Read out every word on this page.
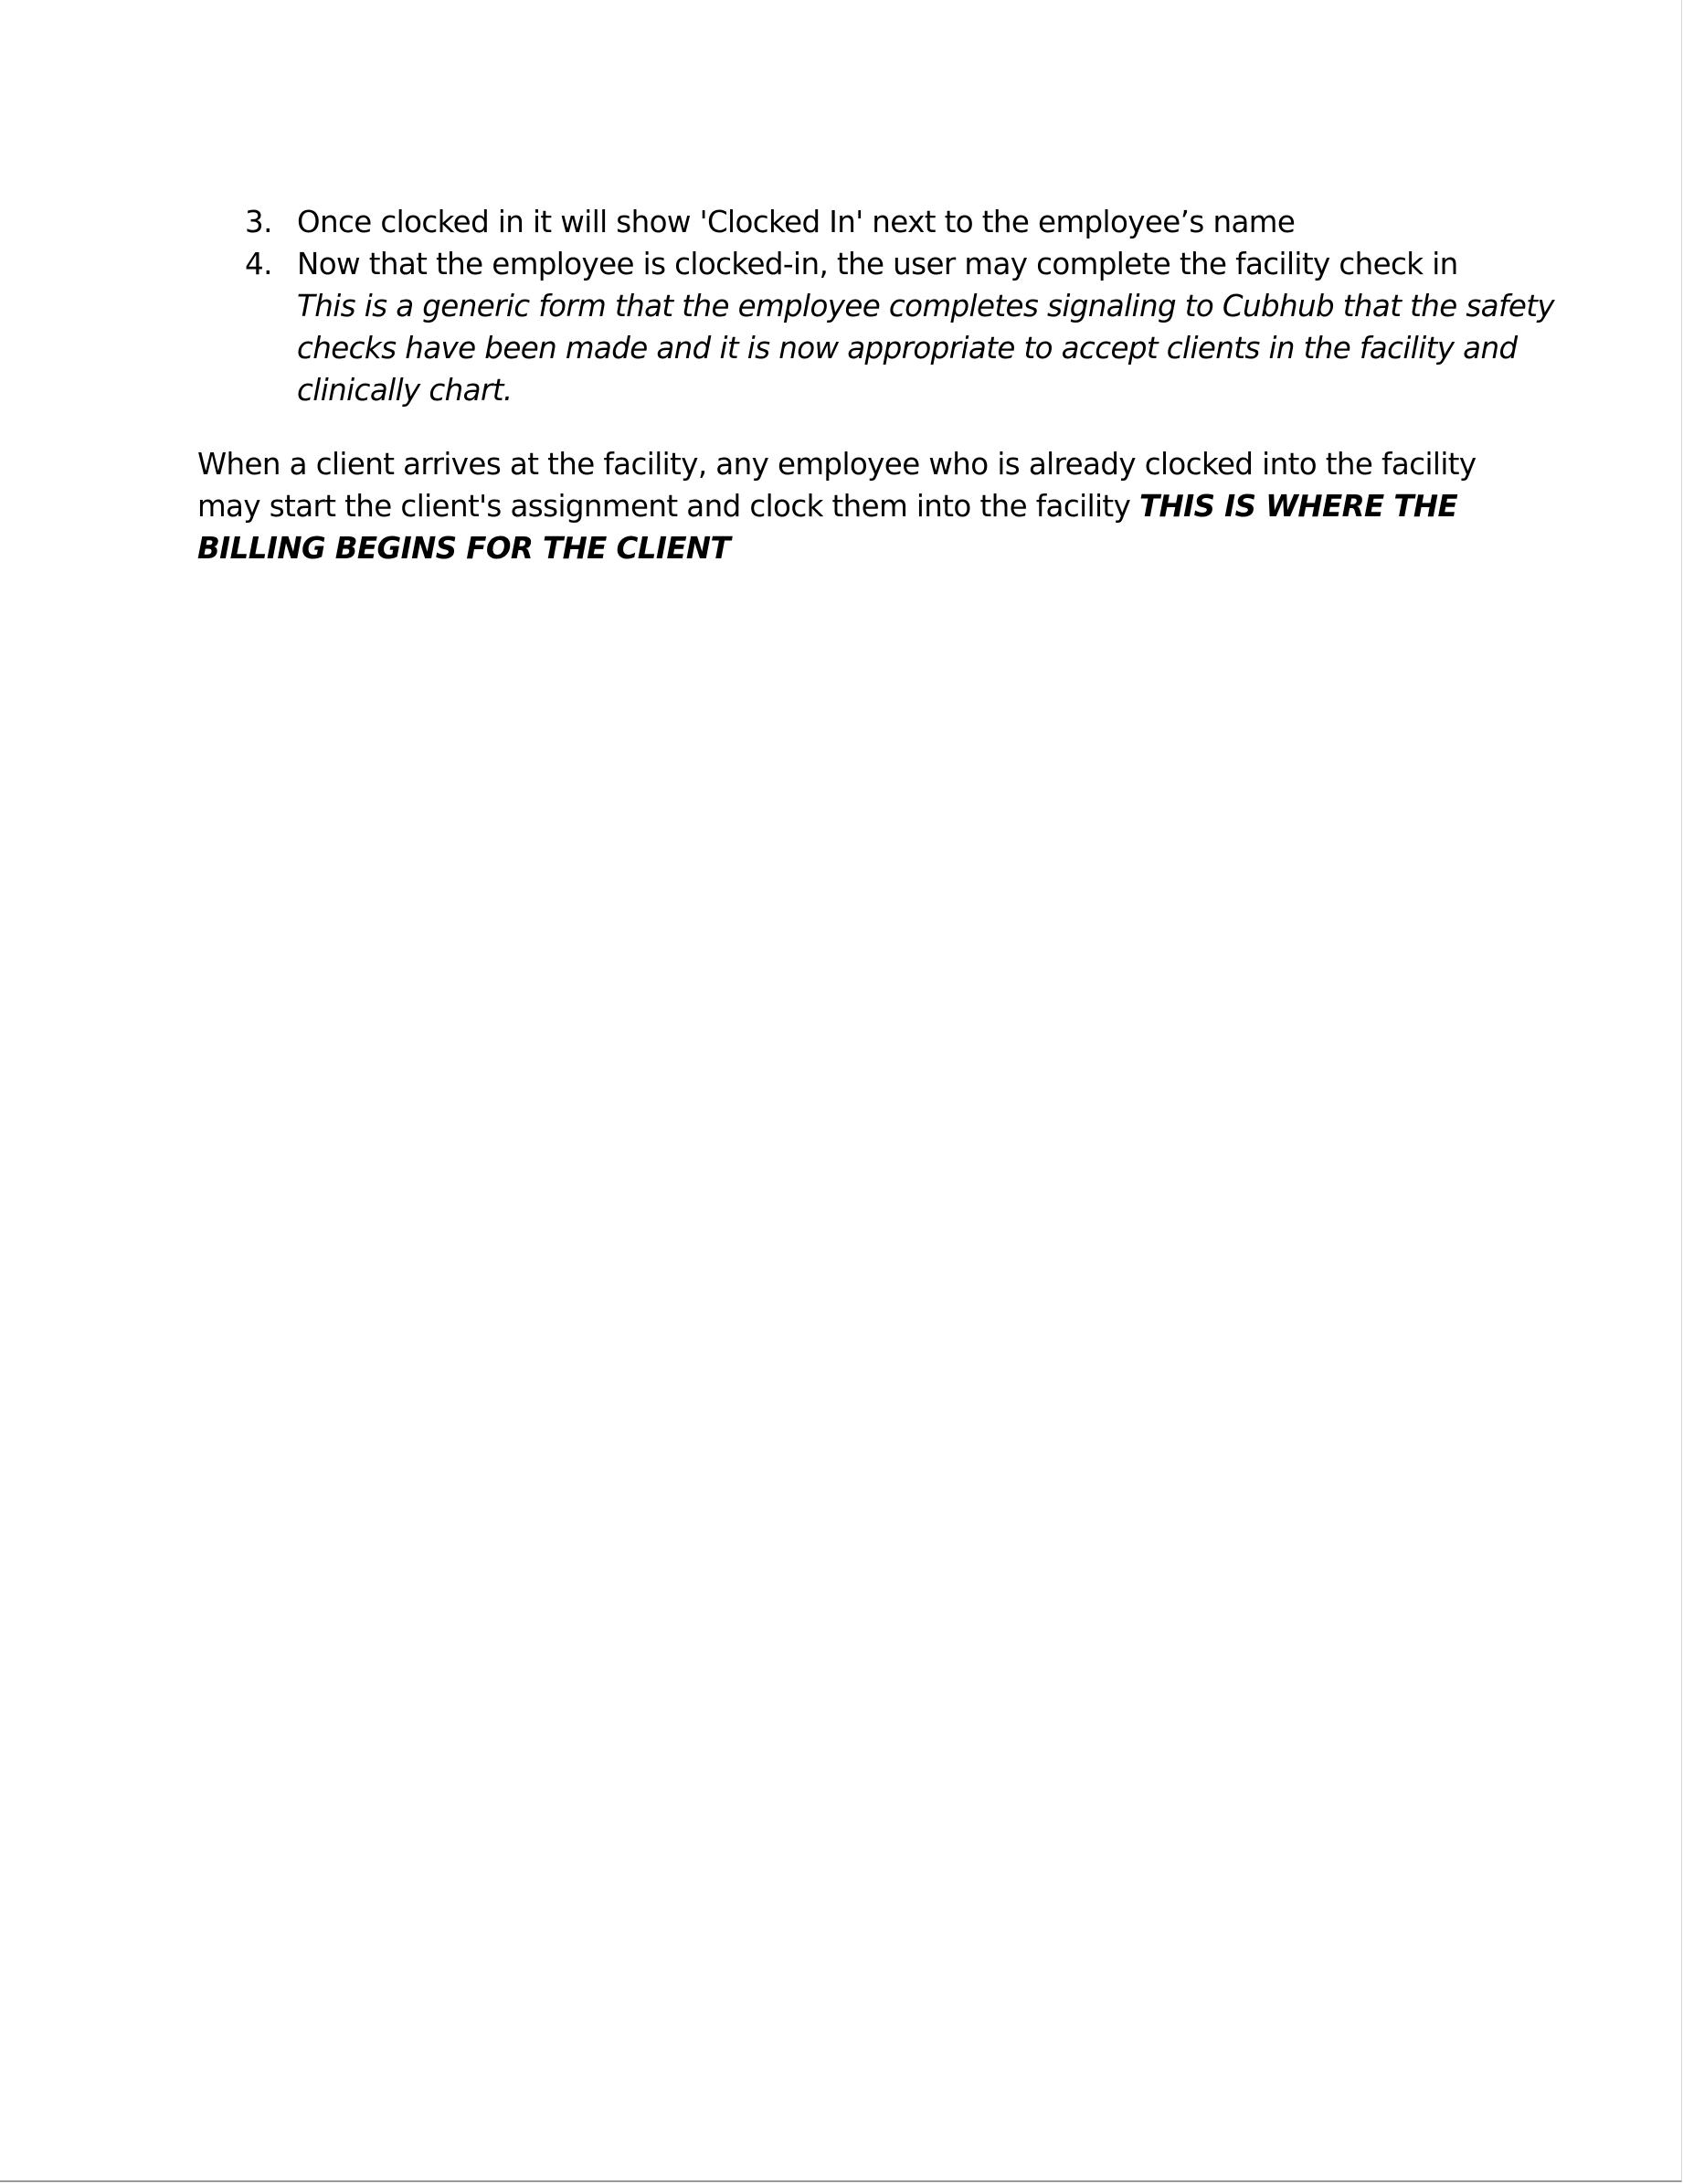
3. Once clocked in it will show 'Clocked In' next to the employee’s name
4. Now that the employee is clocked-in, the user may complete the facility check in
This is a generic form that the employee completes signaling to Cubhub that the safety
checks have been made and it is now appropriate to accept clients in the facility and
clinically chart.
When a client arrives at the facility, any employee who is already clocked into the facility
may start the client's assignment and clock them into the facility THIS IS WHERE THE
BILLING BEGINS FOR THE CLIENT
